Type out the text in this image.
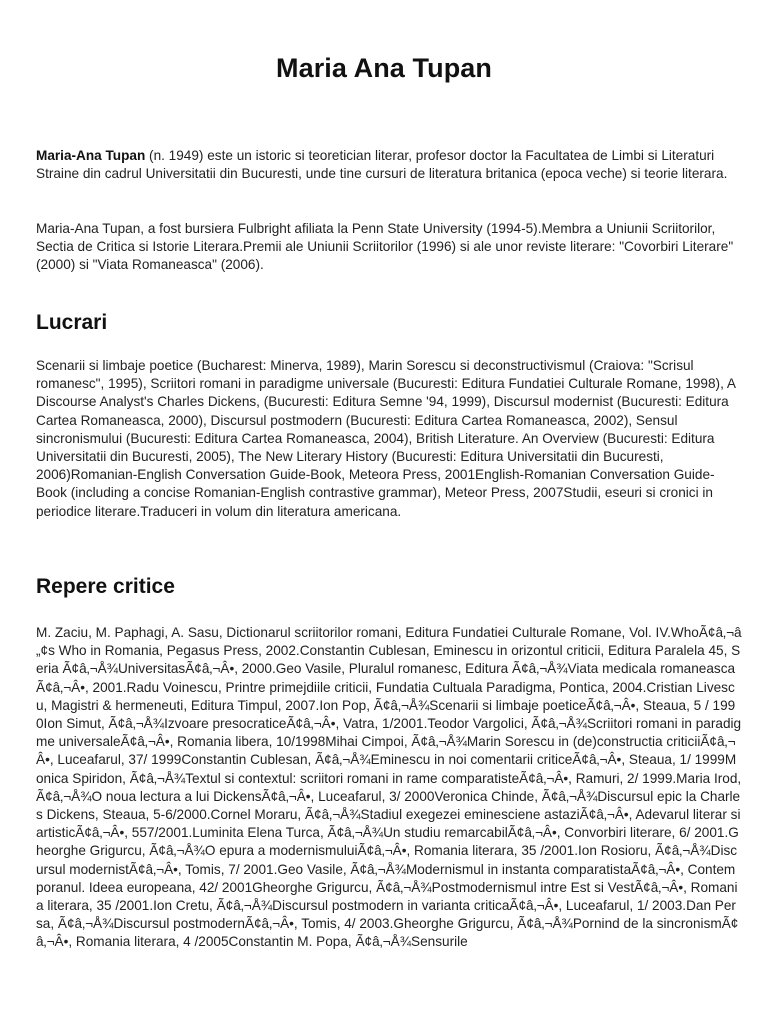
Maria Ana Tupan

Maria-Ana Tupan (n. 1949) este un istoric si teoretician literar, profesor doctor la Facultatea de Limbi si Literaturi Straine din cadrul Universitatii din Bucuresti, unde tine cursuri de literatura britanica (epoca veche) si teorie literara.

Maria-Ana Tupan, a fost bursiera Fulbright afiliata la Penn State University (1994-5).Membra a Uniunii Scriitorilor, Sectia de Critica si Istorie Literara.Premii ale Uniunii Scriitorilor (1996) si ale unor reviste literare: "Covorbiri Literare"(2000) si "Viata Romaneasca" (2006).

Lucrari

Scenarii si limbaje poetice (Bucharest: Minerva, 1989), Marin Sorescu si deconstructivismul (Craiova: "Scrisul romanesc", 1995), Scriitori romani in paradigme universale (Bucuresti: Editura Fundatiei Culturale Romane, 1998), A Discourse Analyst's Charles Dickens, (Bucuresti: Editura Semne '94, 1999), Discursul modernist (Bucuresti: Editura Cartea Romaneasca, 2000), Discursul postmodern (Bucuresti: Editura Cartea Romaneasca, 2002), Sensul sincronismului (Bucuresti: Editura Cartea Romaneasca, 2004), British Literature. An Overview (Bucuresti: Editura Universitatii din Bucuresti, 2005), The New Literary History (Bucuresti: Editura Universitatii din Bucuresti, 2006)Romanian-English Conversation Guide-Book, Meteora Press, 2001English-Romanian Conversation Guide-Book (including a concise Romanian-English contrastive grammar), Meteor Press, 2007Studii, eseuri si cronici in periodice literare.Traduceri in volum din literatura americana.

Repere critice

M. Zaciu, M. Paphagi, A. Sasu, Dictionarul scriitorilor romani, Editura Fundatiei Culturale Romane, Vol. IV.WhoÃ¢â‚¬â„¢s Who in Romania, Pegasus Press, 2002.Constantin Cublesan, Eminescu in orizontul criticii, Editura Paralela 45, Seria Ã¢â‚¬Å¾UniversitasÃ¢â‚¬Â•, 2000.Geo Vasile, Pluralul romanesc, Editura Ã¢â‚¬Å¾Viata medicala romaneascaÃ¢â‚¬Â•, 2001.Radu Voinescu, Printre primejdiile criticii, Fundatia Cultuala Paradigma, Pontica, 2004.Cristian Livescu, Magistri & hermeneuti, Editura Timpul, 2007.Ion Pop, Ã¢â‚¬Å¾Scenarii si limbaje poeticeÃ¢â‚¬Â•, Steaua, 5 / 1990Ion Simut, Ã¢â‚¬Å¾Izvoare presocraticeÃ¢â‚¬Â•, Vatra, 1/2001.Teodor Vargolici, Ã¢â‚¬Å¾Scriitori romani in paradigme universaleÃ¢â‚¬Â•, Romania libera, 10/1998Mihai Cimpoi, Ã¢â‚¬Å¾Marin Sorescu in (de)constructia criticiiÃ¢â‚¬Â•, Luceafarul, 37/ 1999Constantin Cublesan, Ã¢â‚¬Å¾Eminescu in noi comentarii criticeÃ¢â‚¬Â•, Steaua, 1/ 1999Monica Spiridon, Ã¢â‚¬Å¾Textul si contextul: scriitori romani in rame comparatisteÃ¢â‚¬Â•, Ramuri, 2/ 1999.Maria Irod, Ã¢â‚¬Å¾O noua lectura a lui DickensÃ¢â‚¬Â•, Luceafarul, 3/ 2000Veronica Chinde, Ã¢â‚¬Å¾Discursul epic la Charles Dickens, Steaua, 5-6/2000.Cornel Moraru, Ã¢â‚¬Å¾Stadiul exegezei eminesciene astaziÃ¢â‚¬Â•, Adevarul literar si artisticÃ¢â‚¬Â•, 557/2001.Luminita Elena Turca, Ã¢â‚¬Å¾Un studiu remarcabilÃ¢â‚¬Â•, Convorbiri literare, 6/ 2001.Gheorghe Grigurcu, Ã¢â‚¬Å¾O epura a modernismuluiÃ¢â‚¬Â•, Romania literara, 35 /2001.Ion Rosioru, Ã¢â‚¬Å¾Discursul modernistÃ¢â‚¬Â•, Tomis, 7/ 2001.Geo Vasile, Ã¢â‚¬Å¾Modernismul in instanta comparatistaÃ¢â‚¬Â•, Contemporanul. Ideea europeana, 42/ 2001Gheorghe Grigurcu, Ã¢â‚¬Å¾Postmodernismul intre Est si VestÃ¢â‚¬Â•, Romania literara, 35 /2001.Ion Cretu, Ã¢â‚¬Å¾Discursul postmodern in varianta criticaÃ¢â‚¬Â•, Luceafarul, 1/ 2003.Dan Persa, Ã¢â‚¬Å¾Discursul postmodernÃ¢â‚¬Â•, Tomis, 4/ 2003.Gheorghe Grigurcu, Ã¢â‚¬Å¾Pornind de la sincronismÃ¢â‚¬Â•, Romania literara, 4 /2005Constantin M. Popa, Ã¢â‚¬Å¾Sensurile
